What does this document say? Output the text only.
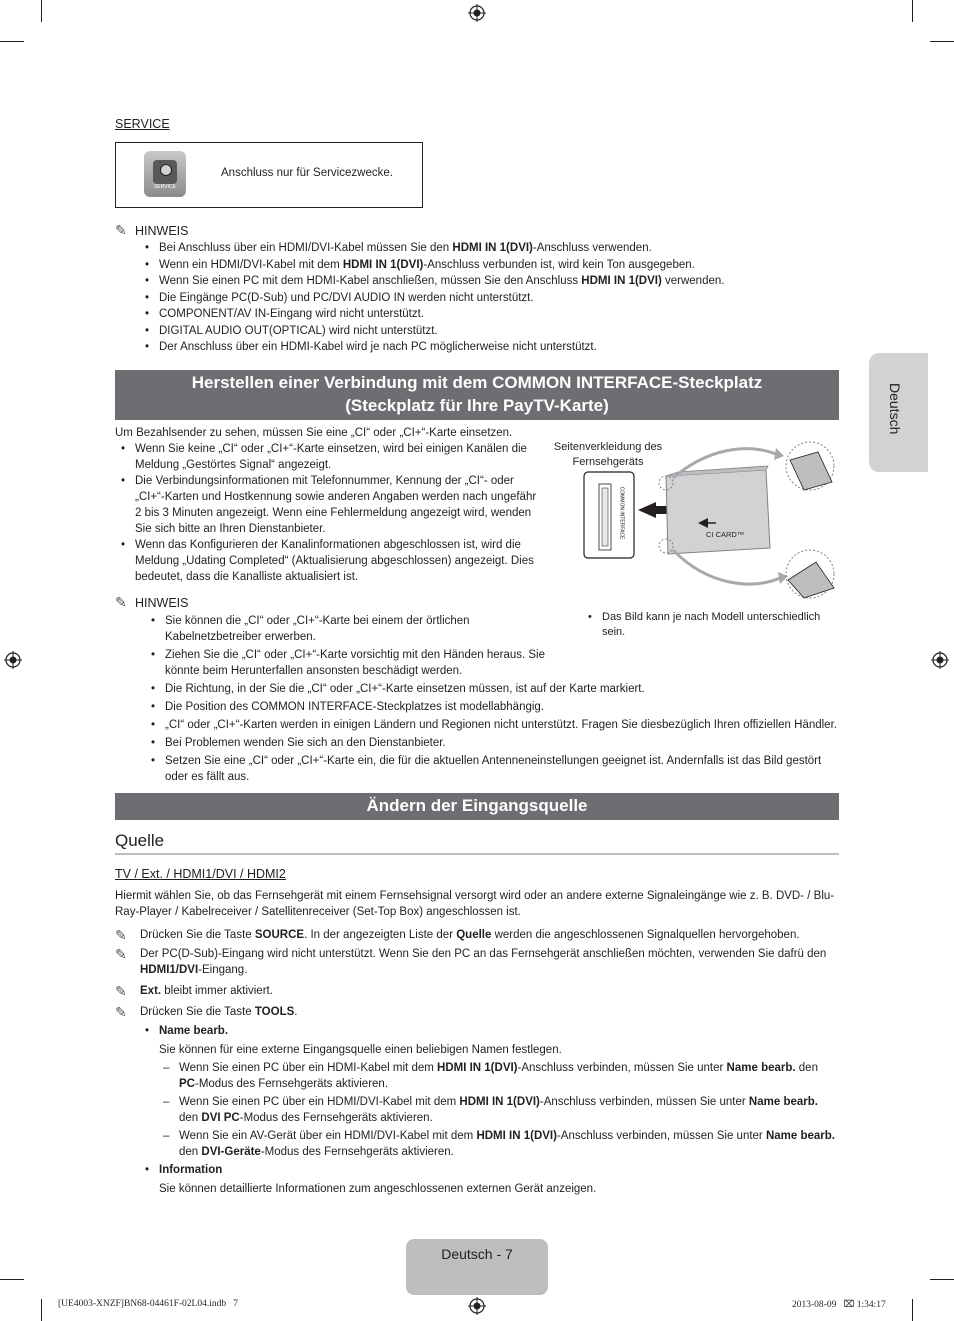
Deutsch
SERVICE
SERVICE
Anschluss nur für Servicezwecke.
✎ HINWEIS
• Bei Anschluss über ein HDMI/DVI-Kabel müssen Sie den HDMI IN 1(DVI)-Anschluss verwenden.
• Wenn ein HDMI/DVI-Kabel mit dem HDMI IN 1(DVI)-Anschluss verbunden ist, wird kein Ton ausgegeben.
• Wenn Sie einen PC mit dem HDMI-Kabel anschließen, müssen Sie den Anschluss HDMI IN 1(DVI) verwenden.
• Die Eingänge PC(D-Sub) und PC/DVI AUDIO IN werden nicht unterstützt.
• COMPONENT/AV IN-Eingang wird nicht unterstützt.
• DIGITAL AUDIO OUT(OPTICAL) wird nicht unterstützt.
• Der Anschluss über ein HDMI-Kabel wird je nach PC möglicherweise nicht unterstützt.
Herstellen einer Verbindung mit dem COMMON INTERFACE-Steckplatz
(Steckplatz für Ihre PayTV-Karte)
Um Bezahlsender zu sehen, müssen Sie eine „CI“ oder „CI+“-Karte einsetzen.
• Wenn Sie keine „CI“ oder „CI+“-Karte einsetzen, wird bei einigen Kanälen die Meldung „Gestörtes Signal“ angezeigt.
• Die Verbindungsinformationen mit Telefonnummer, Kennung der „CI“- oder „CI+“-Karten und Hostkennung sowie anderen Angaben werden nach ungefähr 2 bis 3 Minuten angezeigt. Wenn eine Fehlermeldung angezeigt wird, wenden Sie sich bitte an Ihren Dienstanbieter.
• Wenn das Konfigurieren der Kanalinformationen abgeschlossen ist, wird die Meldung „Udating Completed“ (Aktualisierung abgeschlossen) angezeigt. Dies bedeutet, dass die Kanalliste aktualisiert ist.
✎ HINWEIS
• Sie können die „CI“ oder „CI+“-Karte bei einem der örtlichen Kabelnetzbetreiber erwerben.
• Ziehen Sie die „CI“ oder „CI+“-Karte vorsichtig mit den Händen heraus. Sie könnte beim Herunterfallen ansonsten beschädigt werden.
• Die Richtung, in der Sie die „CI“ oder „CI+“-Karte einsetzen müssen, ist auf der Karte markiert.
• Die Position des COMMON INTERFACE-Steckplatzes ist modellabhängig.
• „CI“ oder „CI+“-Karten werden in einigen Ländern und Regionen nicht unterstützt. Fragen Sie diesbezüglich Ihren offiziellen Händler.
• Bei Problemen wenden Sie sich an den Dienstanbieter.
• Setzen Sie eine „CI“ oder „CI+“-Karte ein, die für die aktuellen Antenneneinstellungen geeignet ist. Andernfalls ist das Bild gestört oder es fällt aus.
Seitenverkleidung des Fernsehgeräts
COMMON INTERFACE	CI CARD™
• Das Bild kann je nach Modell unterschiedlich sein.
Ändern der Eingangsquelle
Quelle
TV / Ext. / HDMI1/DVI / HDMI2
Hiermit wählen Sie, ob das Fernsehgerät mit einem Fernsehsignal versorgt wird oder an andere externe Signaleingänge wie z. B. DVD- / Blu-Ray-Player / Kabelreceiver / Satellitenreceiver (Set-Top Box) angeschlossen ist.
✎	Drücken Sie die Taste SOURCE. In der angezeigten Liste der Quelle werden die angeschlossenen Signalquellen hervorgehoben.
✎	Der PC(D-Sub)-Eingang wird nicht unterstützt. Wenn Sie den PC an das Fernsehgerät anschließen möchten, verwenden Sie dafrü den HDMI1/DVI-Eingang.
✎	Ext. bleibt immer aktiviert.
✎	Drücken Sie die Taste TOOLS.
• Name bearb.
Sie können für eine externe Eingangsquelle einen beliebigen Namen festlegen.
– Wenn Sie einen PC über ein HDMI-Kabel mit dem HDMI IN 1(DVI)-Anschluss verbinden, müssen Sie unter Name bearb. den PC-Modus des Fernsehgeräts aktivieren.
– Wenn Sie einen PC über ein HDMI/DVI-Kabel mit dem HDMI IN 1(DVI)-Anschluss verbinden, müssen Sie unter Name bearb. den DVI PC-Modus des Fernsehgeräts aktivieren.
– Wenn Sie ein AV-Gerät über ein HDMI/DVI-Kabel mit dem HDMI IN 1(DVI)-Anschluss verbinden, müssen Sie unter Name bearb. den DVI-Geräte-Modus des Fernsehgeräts aktivieren.
• Information
Sie können detaillierte Informationen zum angeschlossenen externen Gerät anzeigen.
Deutsch - 7
[UE4003-XNZF]BN68-04461F-02L04.indb   7	2013-08-09   ⌧ 1:34:17
